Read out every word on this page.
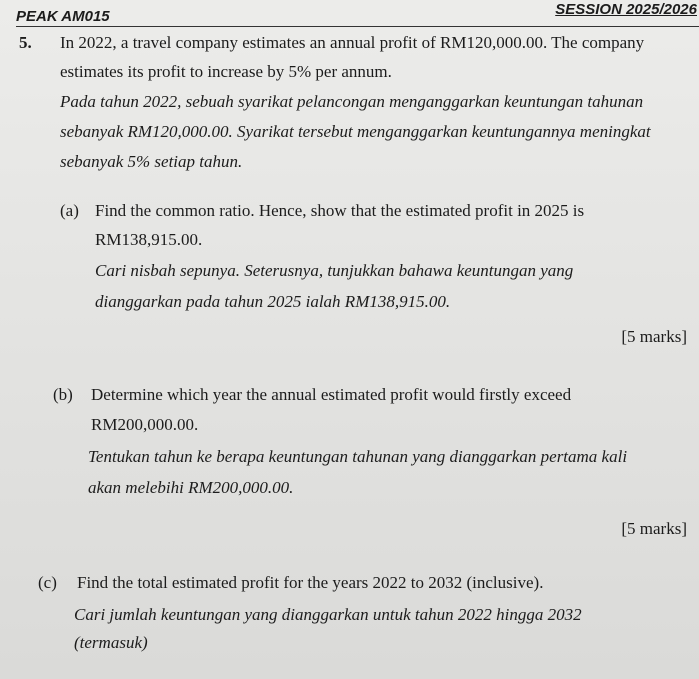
PEAK AM015	SESSION 2025/2026
5. In 2022, a travel company estimates an annual profit of RM120,000.00. The company
estimates its profit to increase by 5% per annum.
Pada tahun 2022, sebuah syarikat pelancongan menganggarkan keuntungan tahunan
sebanyak RM120,000.00. Syarikat tersebut menganggarkan keuntungannya meningkat
sebanyak 5% setiap tahun.
(a) Find the common ratio. Hence, show that the estimated profit in 2025 is
RM138,915.00.
Cari nisbah sepunya. Seterusnya, tunjukkan bahawa keuntungan yang
dianggarkan pada tahun 2025 ialah RM138,915.00.
[5 marks]
(b) Determine which year the annual estimated profit would firstly exceed
RM200,000.00.
Tentukan tahun ke berapa keuntungan tahunan yang dianggarkan pertama kali
akan melebihi RM200,000.00.
[5 marks]
(c) Find the total estimated profit for the years 2022 to 2032 (inclusive).
Cari jumlah keuntungan yang dianggarkan untuk tahun 2022 hingga 2032
(termasuk)
